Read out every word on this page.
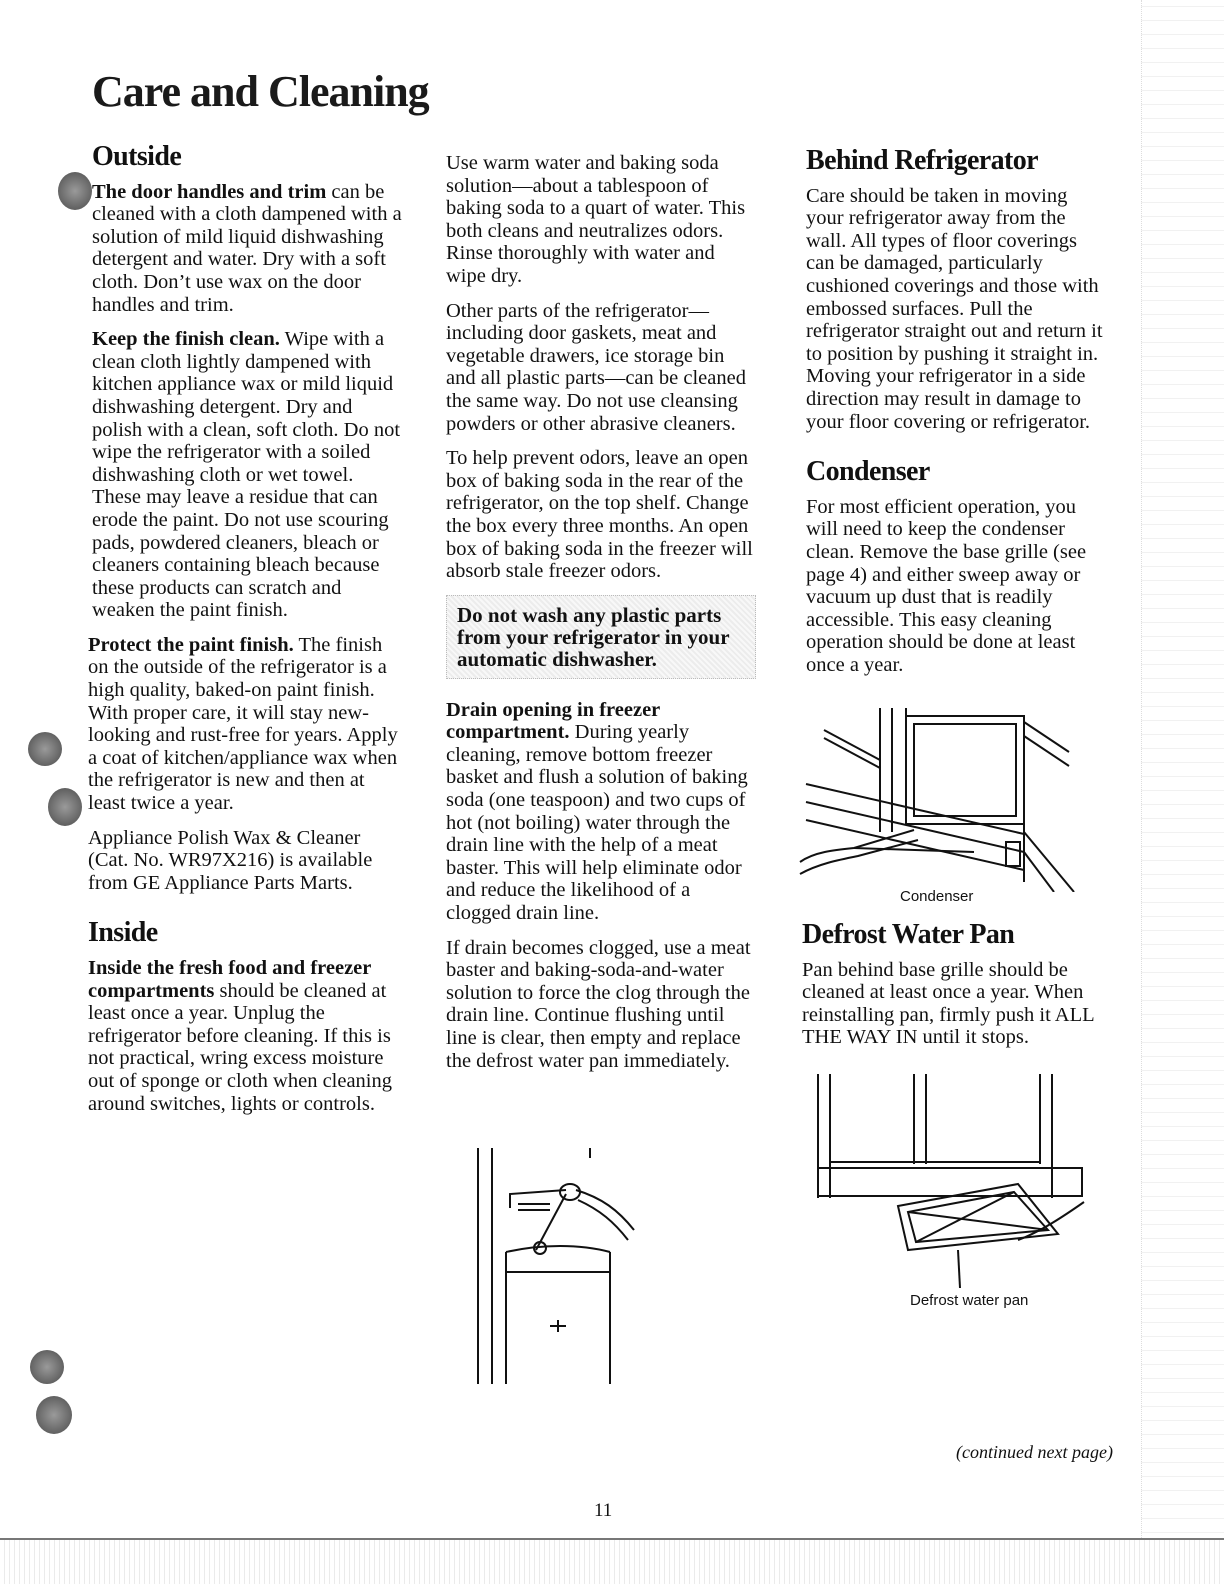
Care and Cleaning
Outside

The door handles and trim can be cleaned with a cloth dampened with a solution of mild liquid dishwashing detergent and water. Dry with a soft cloth. Don’t use wax on the door handles and trim.

Keep the finish clean. Wipe with a clean cloth lightly dampened with kitchen appliance wax or mild liquid dishwashing detergent. Dry and polish with a clean, soft cloth. Do not wipe the refrigerator with a soiled dishwashing cloth or wet towel. These may leave a residue that can erode the paint. Do not use scouring pads, powdered cleaners, bleach or cleaners containing bleach because these products can scratch and weaken the paint finish.

Protect the paint finish. The finish on the outside of the refrigerator is a high quality, baked-on paint finish. With proper care, it will stay new-looking and rust-free for years. Apply a coat of kitchen/appliance wax when the refrigerator is new and then at least twice a year.

Appliance Polish Wax & Cleaner (Cat. No. WR97X216) is available from GE Appliance Parts Marts.

Inside

Inside the fresh food and freezer compartments should be cleaned at least once a year. Unplug the refrigerator before cleaning. If this is not practical, wring excess moisture out of sponge or cloth when cleaning around switches, lights or controls.

Use warm water and baking soda solution—about a tablespoon of baking soda to a quart of water. This both cleans and neutralizes odors. Rinse thoroughly with water and wipe dry.

Other parts of the refrigerator—including door gaskets, meat and vegetable drawers, ice storage bin and all plastic parts—can be cleaned the same way. Do not use cleansing powders or other abrasive cleaners.

To help prevent odors, leave an open box of baking soda in the rear of the refrigerator, on the top shelf. Change the box every three months. An open box of baking soda in the freezer will absorb stale freezer odors.

Do not wash any plastic parts from your refrigerator in your automatic dishwasher.

Drain opening in freezer compartment. During yearly cleaning, remove bottom freezer basket and flush a solution of baking soda (one teaspoon) and two cups of hot (not boiling) water through the drain line with the help of a meat baster. This will help eliminate odor and reduce the likelihood of a clogged drain line.

If drain becomes clogged, use a meat baster and baking-soda-and-water solution to force the clog through the drain line. Continue flushing until line is clear, then empty and replace the defrost water pan immediately.

Behind Refrigerator

Care should be taken in moving your refrigerator away from the wall. All types of floor coverings can be damaged, particularly cushioned coverings and those with embossed surfaces. Pull the refrigerator straight out and return it to position by pushing it straight in. Moving your refrigerator in a side direction may result in damage to your floor covering or refrigerator.

Condenser

For most efficient operation, you will need to keep the condenser clean. Remove the base grille (see page 4) and either sweep away or vacuum up dust that is readily accessible. This easy cleaning operation should be done at least once a year.

Defrost Water Pan

Pan behind base grille should be cleaned at least once a year. When reinstalling pan, firmly push it ALL THE WAY IN until it stops.

Condenser
Defrost water pan
(continued next page)
11
